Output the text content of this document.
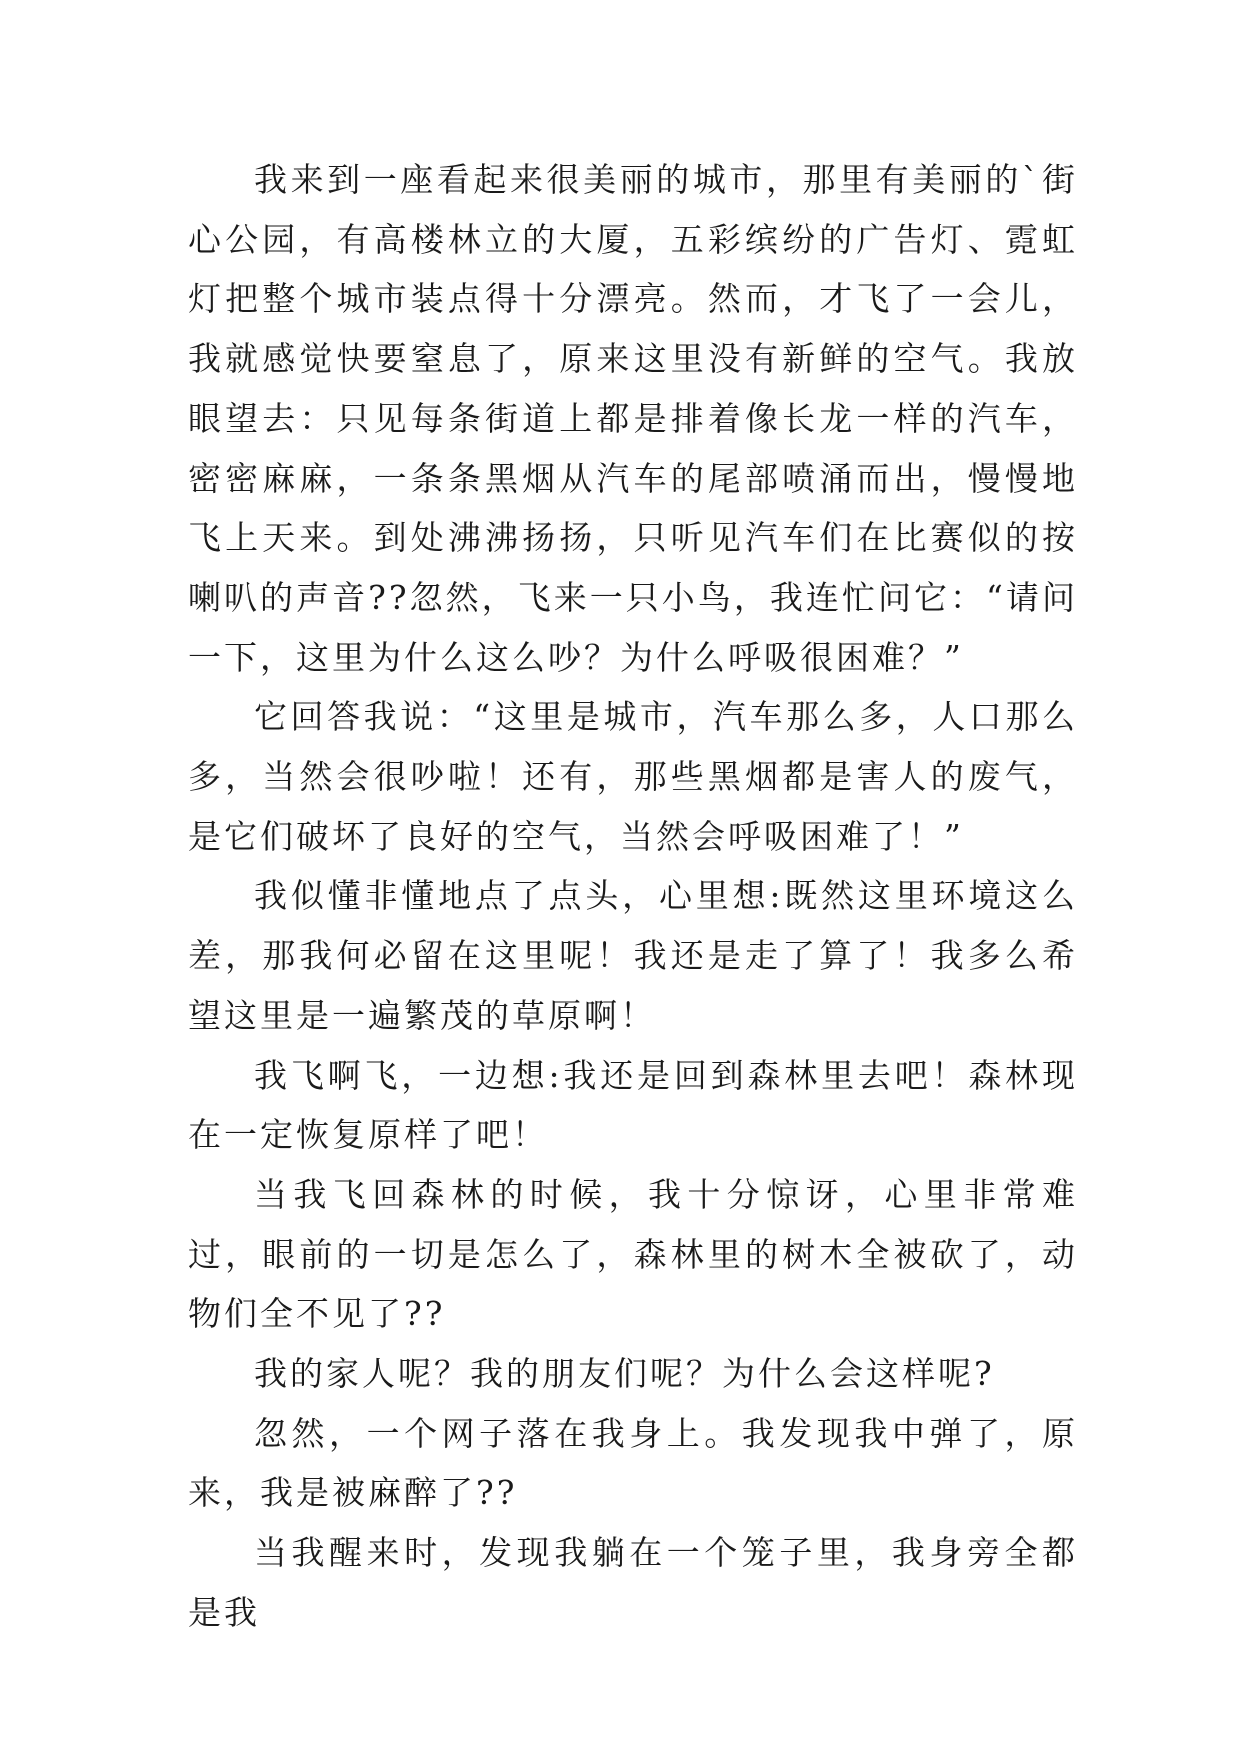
我来到一座看起来很美丽的城市，那里有美丽的`街心公园，有高楼林立的大厦，五彩缤纷的广告灯、霓虹灯把整个城市装点得十分漂亮。然而，才飞了一会儿，我就感觉快要窒息了，原来这里没有新鲜的空气。我放眼望去：只见每条街道上都是排着像长龙一样的汽车，密密麻麻，一条条黑烟从汽车的尾部喷涌而出，慢慢地飞上天来。到处沸沸扬扬，只听见汽车们在比赛似的按喇叭的声音??忽然，飞来一只小鸟，我连忙问它：“请问一下，这里为什么这么吵？为什么呼吸很困难？”

它回答我说：“这里是城市，汽车那么多，人口那么多，当然会很吵啦！还有，那些黑烟都是害人的废气，是它们破坏了良好的空气，当然会呼吸困难了！”

我似懂非懂地点了点头，心里想:既然这里环境这么差，那我何必留在这里呢！我还是走了算了！我多么希望这里是一遍繁茂的草原啊！

我飞啊飞，一边想:我还是回到森林里去吧！森林现在一定恢复原样了吧！

当我飞回森林的时候，我十分惊讶，心里非常难过，眼前的一切是怎么了，森林里的树木全被砍了，动物们全不见了??

我的家人呢？我的朋友们呢？为什么会这样呢?

忽然，一个网子落在我身上。我发现我中弹了，原来，我是被麻醉了??

当我醒来时，发现我躺在一个笼子里，我身旁全都是我
